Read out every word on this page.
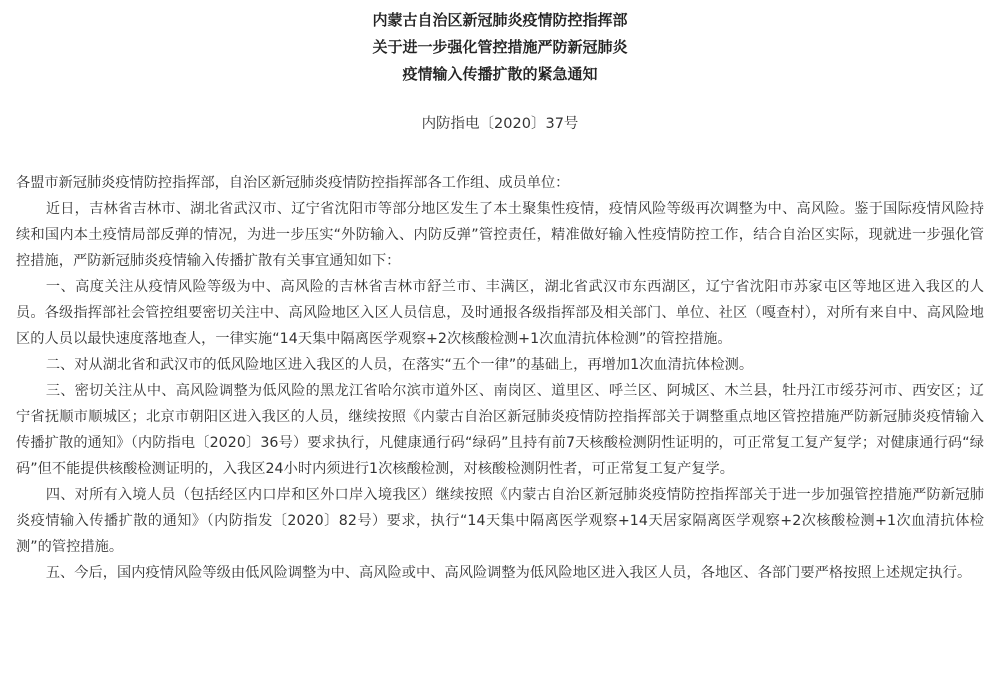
内蒙古自治区新冠肺炎疫情防控指挥部
关于进一步强化管控措施严防新冠肺炎
疫情输入传播扩散的紧急通知
内防指电〔2020〕37号

各盟市新冠肺炎疫情防控指挥部，自治区新冠肺炎疫情防控指挥部各工作组、成员单位：

近日，吉林省吉林市、湖北省武汉市、辽宁省沈阳市等部分地区发生了本土聚集性疫情，疫情风险等级再次调整为中、高风险。鉴于国际疫情风险持续和国内本土疫情局部反弹的情况，为进一步压实“外防输入、内防反弹”管控责任，精准做好输入性疫情防控工作，结合自治区实际，现就进一步强化管控措施，严防新冠肺炎疫情输入传播扩散有关事宜通知如下：

一、高度关注从疫情风险等级为中、高风险的吉林省吉林市舒兰市、丰满区，湖北省武汉市东西湖区，辽宁省沈阳市苏家屯区等地区进入我区的人员。各级指挥部社会管控组要密切关注中、高风险地区入区人员信息，及时通报各级指挥部及相关部门、单位、社区（嘎查村），对所有来自中、高风险地区的人员以最快速度落地查人，一律实施“14天集中隔离医学观察+2次核酸检测+1次血清抗体检测”的管控措施。

二、对从湖北省和武汉市的低风险地区进入我区的人员，在落实“五个一律”的基础上，再增加1次血清抗体检测。

三、密切关注从中、高风险调整为低风险的黑龙江省哈尔滨市道外区、南岗区、道里区、呼兰区、阿城区、木兰县，牡丹江市绥芬河市、西安区；辽宁省抚顺市顺城区；北京市朝阳区进入我区的人员，继续按照《内蒙古自治区新冠肺炎疫情防控指挥部关于调整重点地区管控措施严防新冠肺炎疫情输入传播扩散的通知》（内防指电〔2020〕36号）要求执行，凡健康通行码“绿码”且持有前7天核酸检测阴性证明的，可正常复工复产复学；对健康通行码“绿码”但不能提供核酸检测证明的，入我区24小时内须进行1次核酸检测，对核酸检测阴性者，可正常复工复产复学。

四、对所有入境人员（包括经区内口岸和区外口岸入境我区）继续按照《内蒙古自治区新冠肺炎疫情防控指挥部关于进一步加强管控措施严防新冠肺炎疫情输入传播扩散的通知》（内防指发〔2020〕82号）要求，执行“14天集中隔离医学观察+14天居家隔离医学观察+2次核酸检测+1次血清抗体检测”的管控措施。

五、今后，国内疫情风险等级由低风险调整为中、高风险或中、高风险调整为低风险地区进入我区人员，各地区、各部门要严格按照上述规定执行。
